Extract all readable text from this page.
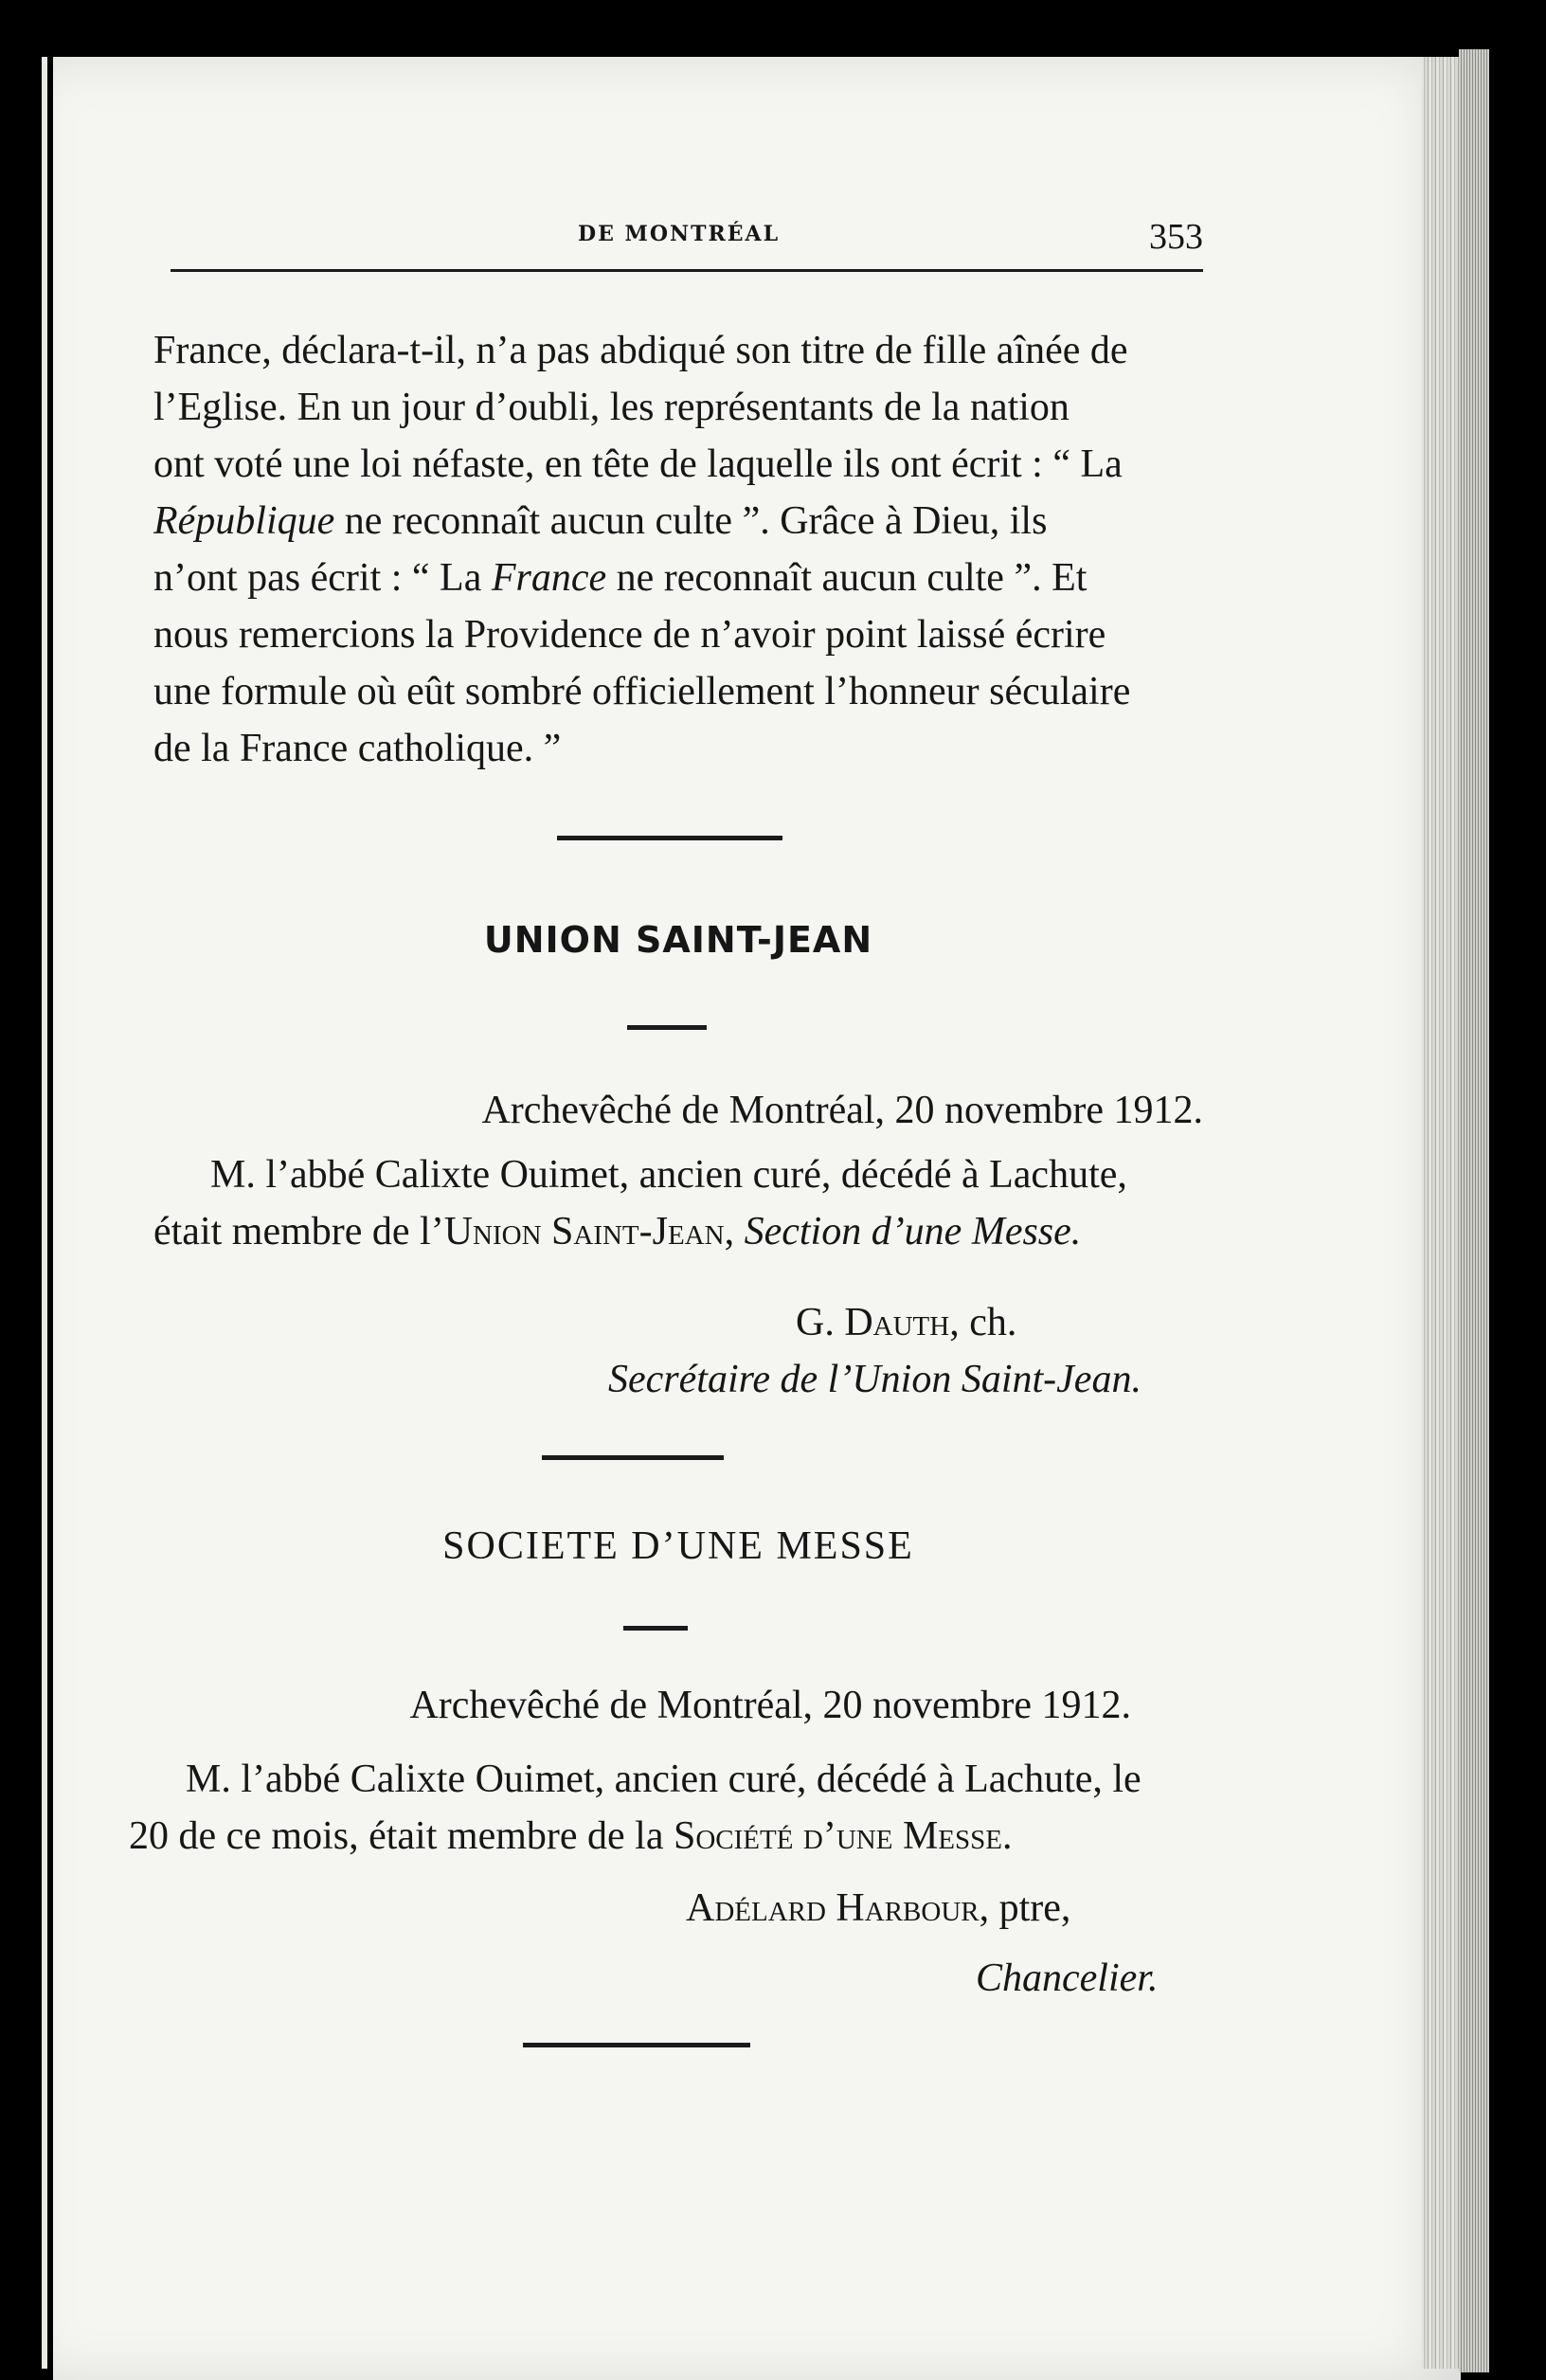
DE MONTRÉAL	353

France, déclara-t-il, n’a pas abdiqué son titre de fille aînée de

l’Eglise. En un jour d’oubli, les représentants de la nation

ont voté une loi néfaste, en tête de laquelle ils ont écrit : “ La

République ne reconnaît aucun culte ”. Grâce à Dieu, ils

n’ont pas écrit : “ La France ne reconnaît aucun culte ”. Et

nous remercions la Providence de n’avoir point laissé écrire

une formule où eût sombré officiellement l’honneur séculaire

de la France catholique. ”

UNION SAINT-JEAN
Archevêché de Montréal, 20 novembre 1912.

M. l’abbé Calixte Ouimet, ancien curé, décédé à Lachute,

était membre de l’Union Saint-Jean, Section d’une Messe.

G. Dauth, ch.
Secrétaire de l’Union Saint-Jean.
SOCIETE D’UNE MESSE
Archevêché de Montréal, 20 novembre 1912.

M. l’abbé Calixte Ouimet, ancien curé, décédé à Lachute, le

20 de ce mois, était membre de la Société d’une Messe.

Adélard Harbour, ptre,
Chancelier.
